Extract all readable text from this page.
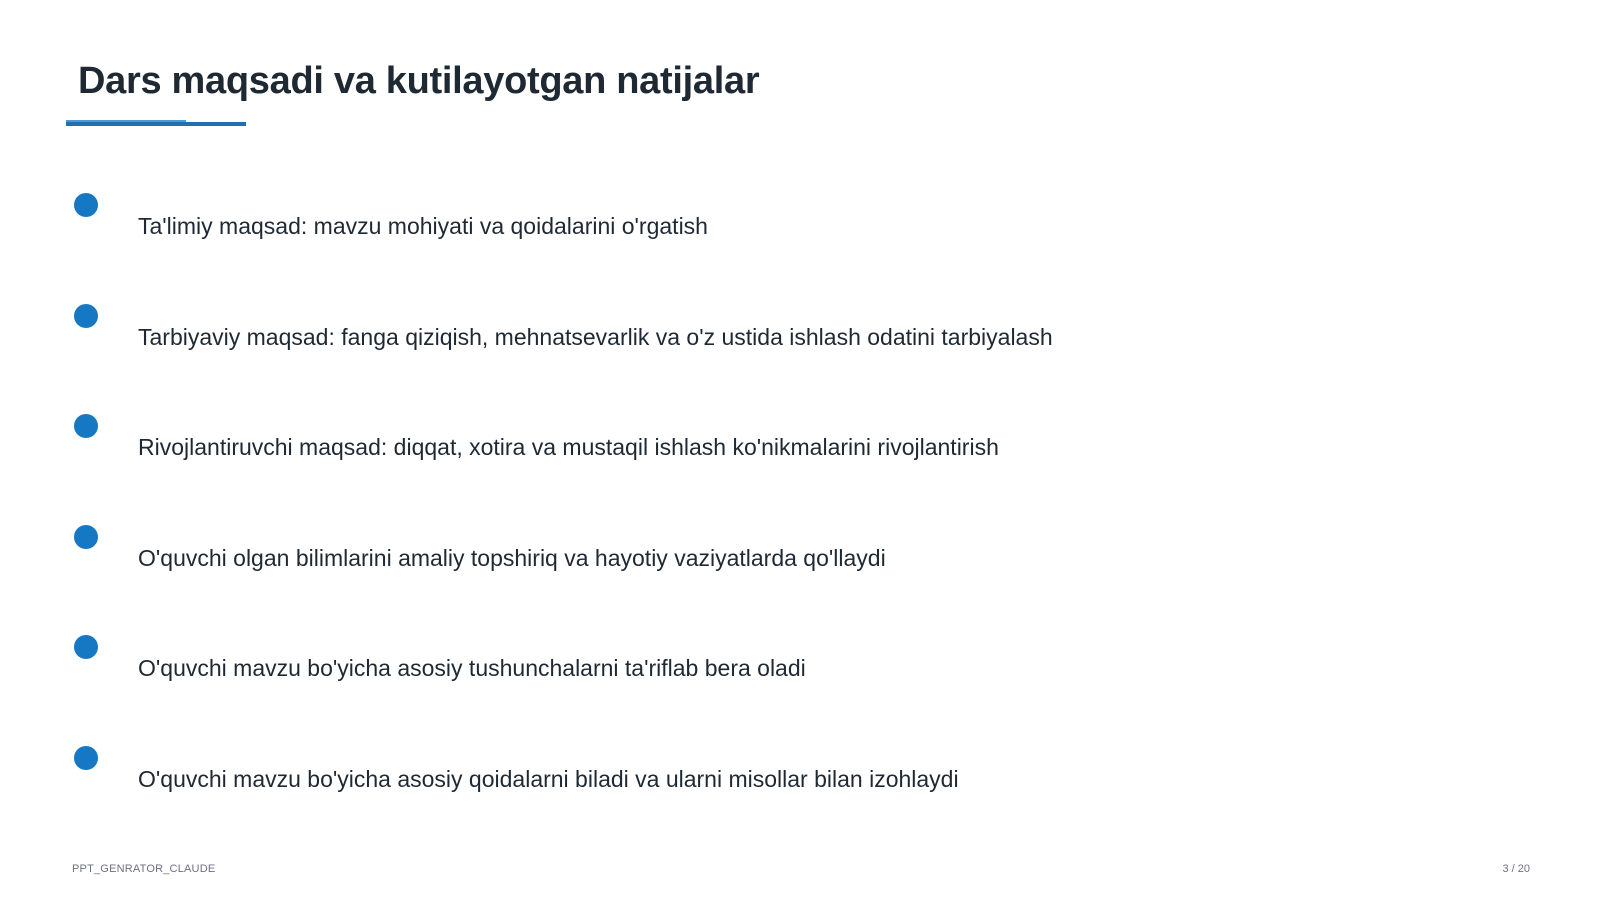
Dars maqsadi va kutilayotgan natijalar
Ta'limiy maqsad: mavzu mohiyati va qoidalarini o'rgatish
Tarbiyaviy maqsad: fanga qiziqish, mehnatsevarlik va o'z ustida ishlash odatini tarbiyalash
Rivojlantiruvchi maqsad: diqqat, xotira va mustaqil ishlash ko'nikmalarini rivojlantirish
O'quvchi olgan bilimlarini amaliy topshiriq va hayotiy vaziyatlarda qo'llaydi
O'quvchi mavzu bo'yicha asosiy tushunchalarni ta'riflab bera oladi
O'quvchi mavzu bo'yicha asosiy qoidalarni biladi va ularni misollar bilan izohlaydi
PPT_GENRATOR_CLAUDE	3 / 20
